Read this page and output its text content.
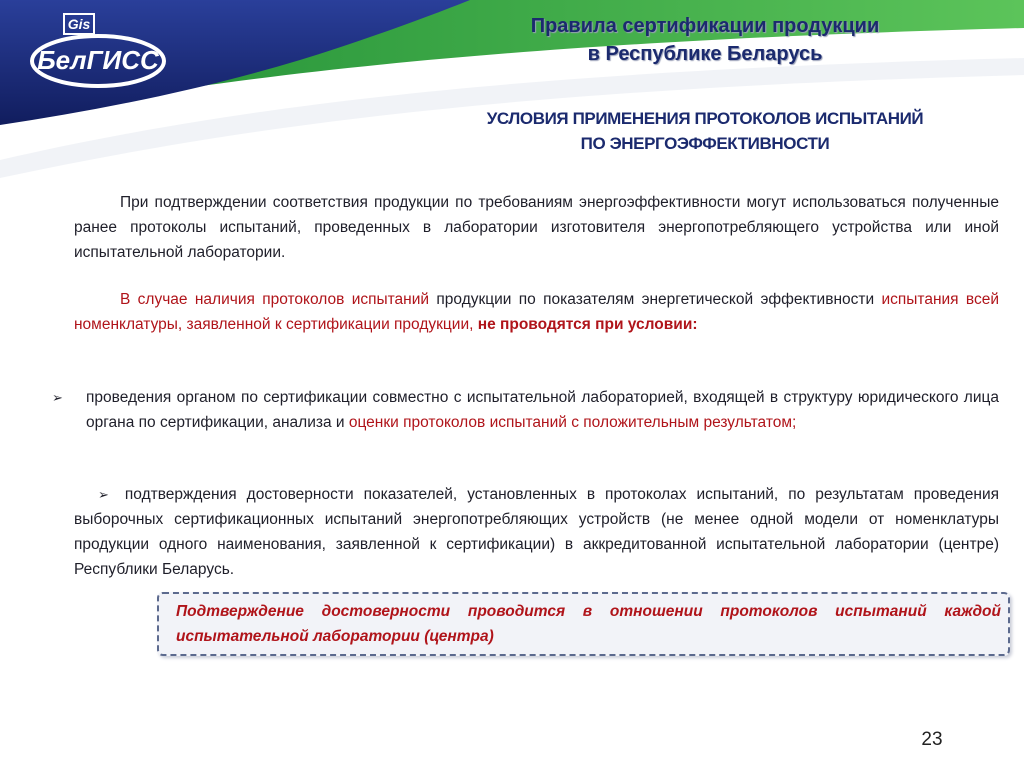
Gis
БелГИСС
Правила сертификации продукции
в Республике Беларусь
УСЛОВИЯ ПРИМЕНЕНИЯ ПРОТОКОЛОВ ИСПЫТАНИЙ
ПО ЭНЕРГОЭФФЕКТИВНОСТИ
При подтверждении соответствия продукции по требованиям энергоэффективности могут использоваться полученные ранее протоколы испытаний, проведенных в лаборатории изготовителя энергопотребляющего устройства или иной испытательной лаборатории.
В случае наличия протоколов испытаний продукции по показателям энергетической эффективности испытания всей номенклатуры, заявленной к сертификации продукции, не проводятся при условии:
➢ проведения органом по сертификации совместно с испытательной лабораторией, входящей в структуру юридического лица органа по сертификации, анализа и оценки протоколов испытаний с положительным результатом;
➢ подтверждения достоверности показателей, установленных в протоколах испытаний, по результатам проведения выборочных сертификационных испытаний энергопотребляющих устройств (не менее одной модели от номенклатуры продукции одного наименования, заявленной к сертификации) в аккредитованной испытательной лаборатории (центре) Республики Беларусь.
Подтверждение достоверности проводится в отношении протоколов испытаний каждой испытательной лаборатории (центра)
23
